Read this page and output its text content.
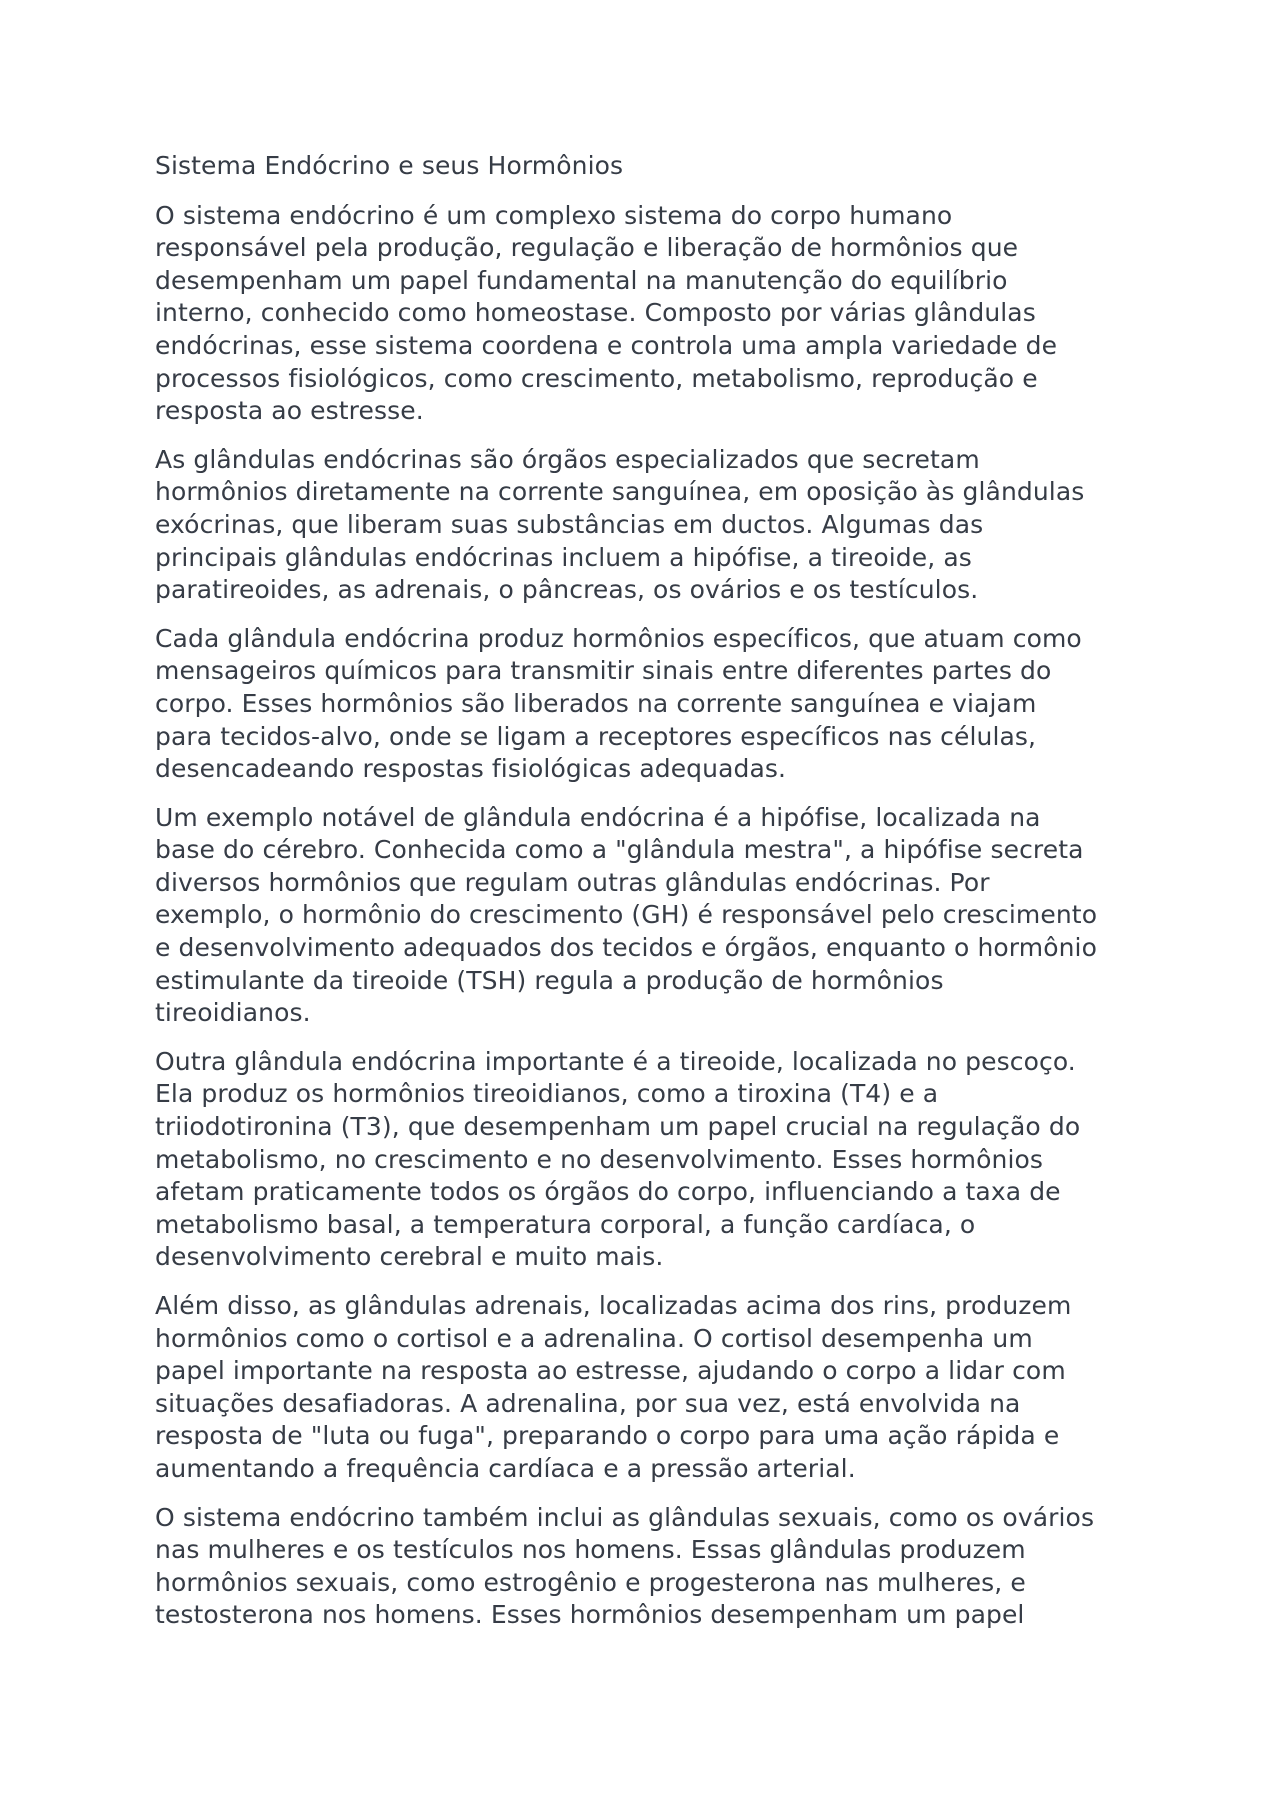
Sistema Endócrino e seus Hormônios

O sistema endócrino é um complexo sistema do corpo humano
responsável pela produção, regulação e liberação de hormônios que
desempenham um papel fundamental na manutenção do equilíbrio
interno, conhecido como homeostase. Composto por várias glândulas
endócrinas, esse sistema coordena e controla uma ampla variedade de
processos fisiológicos, como crescimento, metabolismo, reprodução e
resposta ao estresse.

As glândulas endócrinas são órgãos especializados que secretam
hormônios diretamente na corrente sanguínea, em oposição às glândulas
exócrinas, que liberam suas substâncias em ductos. Algumas das
principais glândulas endócrinas incluem a hipófise, a tireoide, as
paratireoides, as adrenais, o pâncreas, os ovários e os testículos.

Cada glândula endócrina produz hormônios específicos, que atuam como
mensageiros químicos para transmitir sinais entre diferentes partes do
corpo. Esses hormônios são liberados na corrente sanguínea e viajam
para tecidos-alvo, onde se ligam a receptores específicos nas células,
desencadeando respostas fisiológicas adequadas.

Um exemplo notável de glândula endócrina é a hipófise, localizada na
base do cérebro. Conhecida como a "glândula mestra", a hipófise secreta
diversos hormônios que regulam outras glândulas endócrinas. Por
exemplo, o hormônio do crescimento (GH) é responsável pelo crescimento
e desenvolvimento adequados dos tecidos e órgãos, enquanto o hormônio
estimulante da tireoide (TSH) regula a produção de hormônios
tireoidianos.

Outra glândula endócrina importante é a tireoide, localizada no pescoço.
Ela produz os hormônios tireoidianos, como a tiroxina (T4) e a
triiodotironina (T3), que desempenham um papel crucial na regulação do
metabolismo, no crescimento e no desenvolvimento. Esses hormônios
afetam praticamente todos os órgãos do corpo, influenciando a taxa de
metabolismo basal, a temperatura corporal, a função cardíaca, o
desenvolvimento cerebral e muito mais.

Além disso, as glândulas adrenais, localizadas acima dos rins, produzem
hormônios como o cortisol e a adrenalina. O cortisol desempenha um
papel importante na resposta ao estresse, ajudando o corpo a lidar com
situações desafiadoras. A adrenalina, por sua vez, está envolvida na
resposta de "luta ou fuga", preparando o corpo para uma ação rápida e
aumentando a frequência cardíaca e a pressão arterial.

O sistema endócrino também inclui as glândulas sexuais, como os ovários
nas mulheres e os testículos nos homens. Essas glândulas produzem
hormônios sexuais, como estrogênio e progesterona nas mulheres, e
testosterona nos homens. Esses hormônios desempenham um papel
